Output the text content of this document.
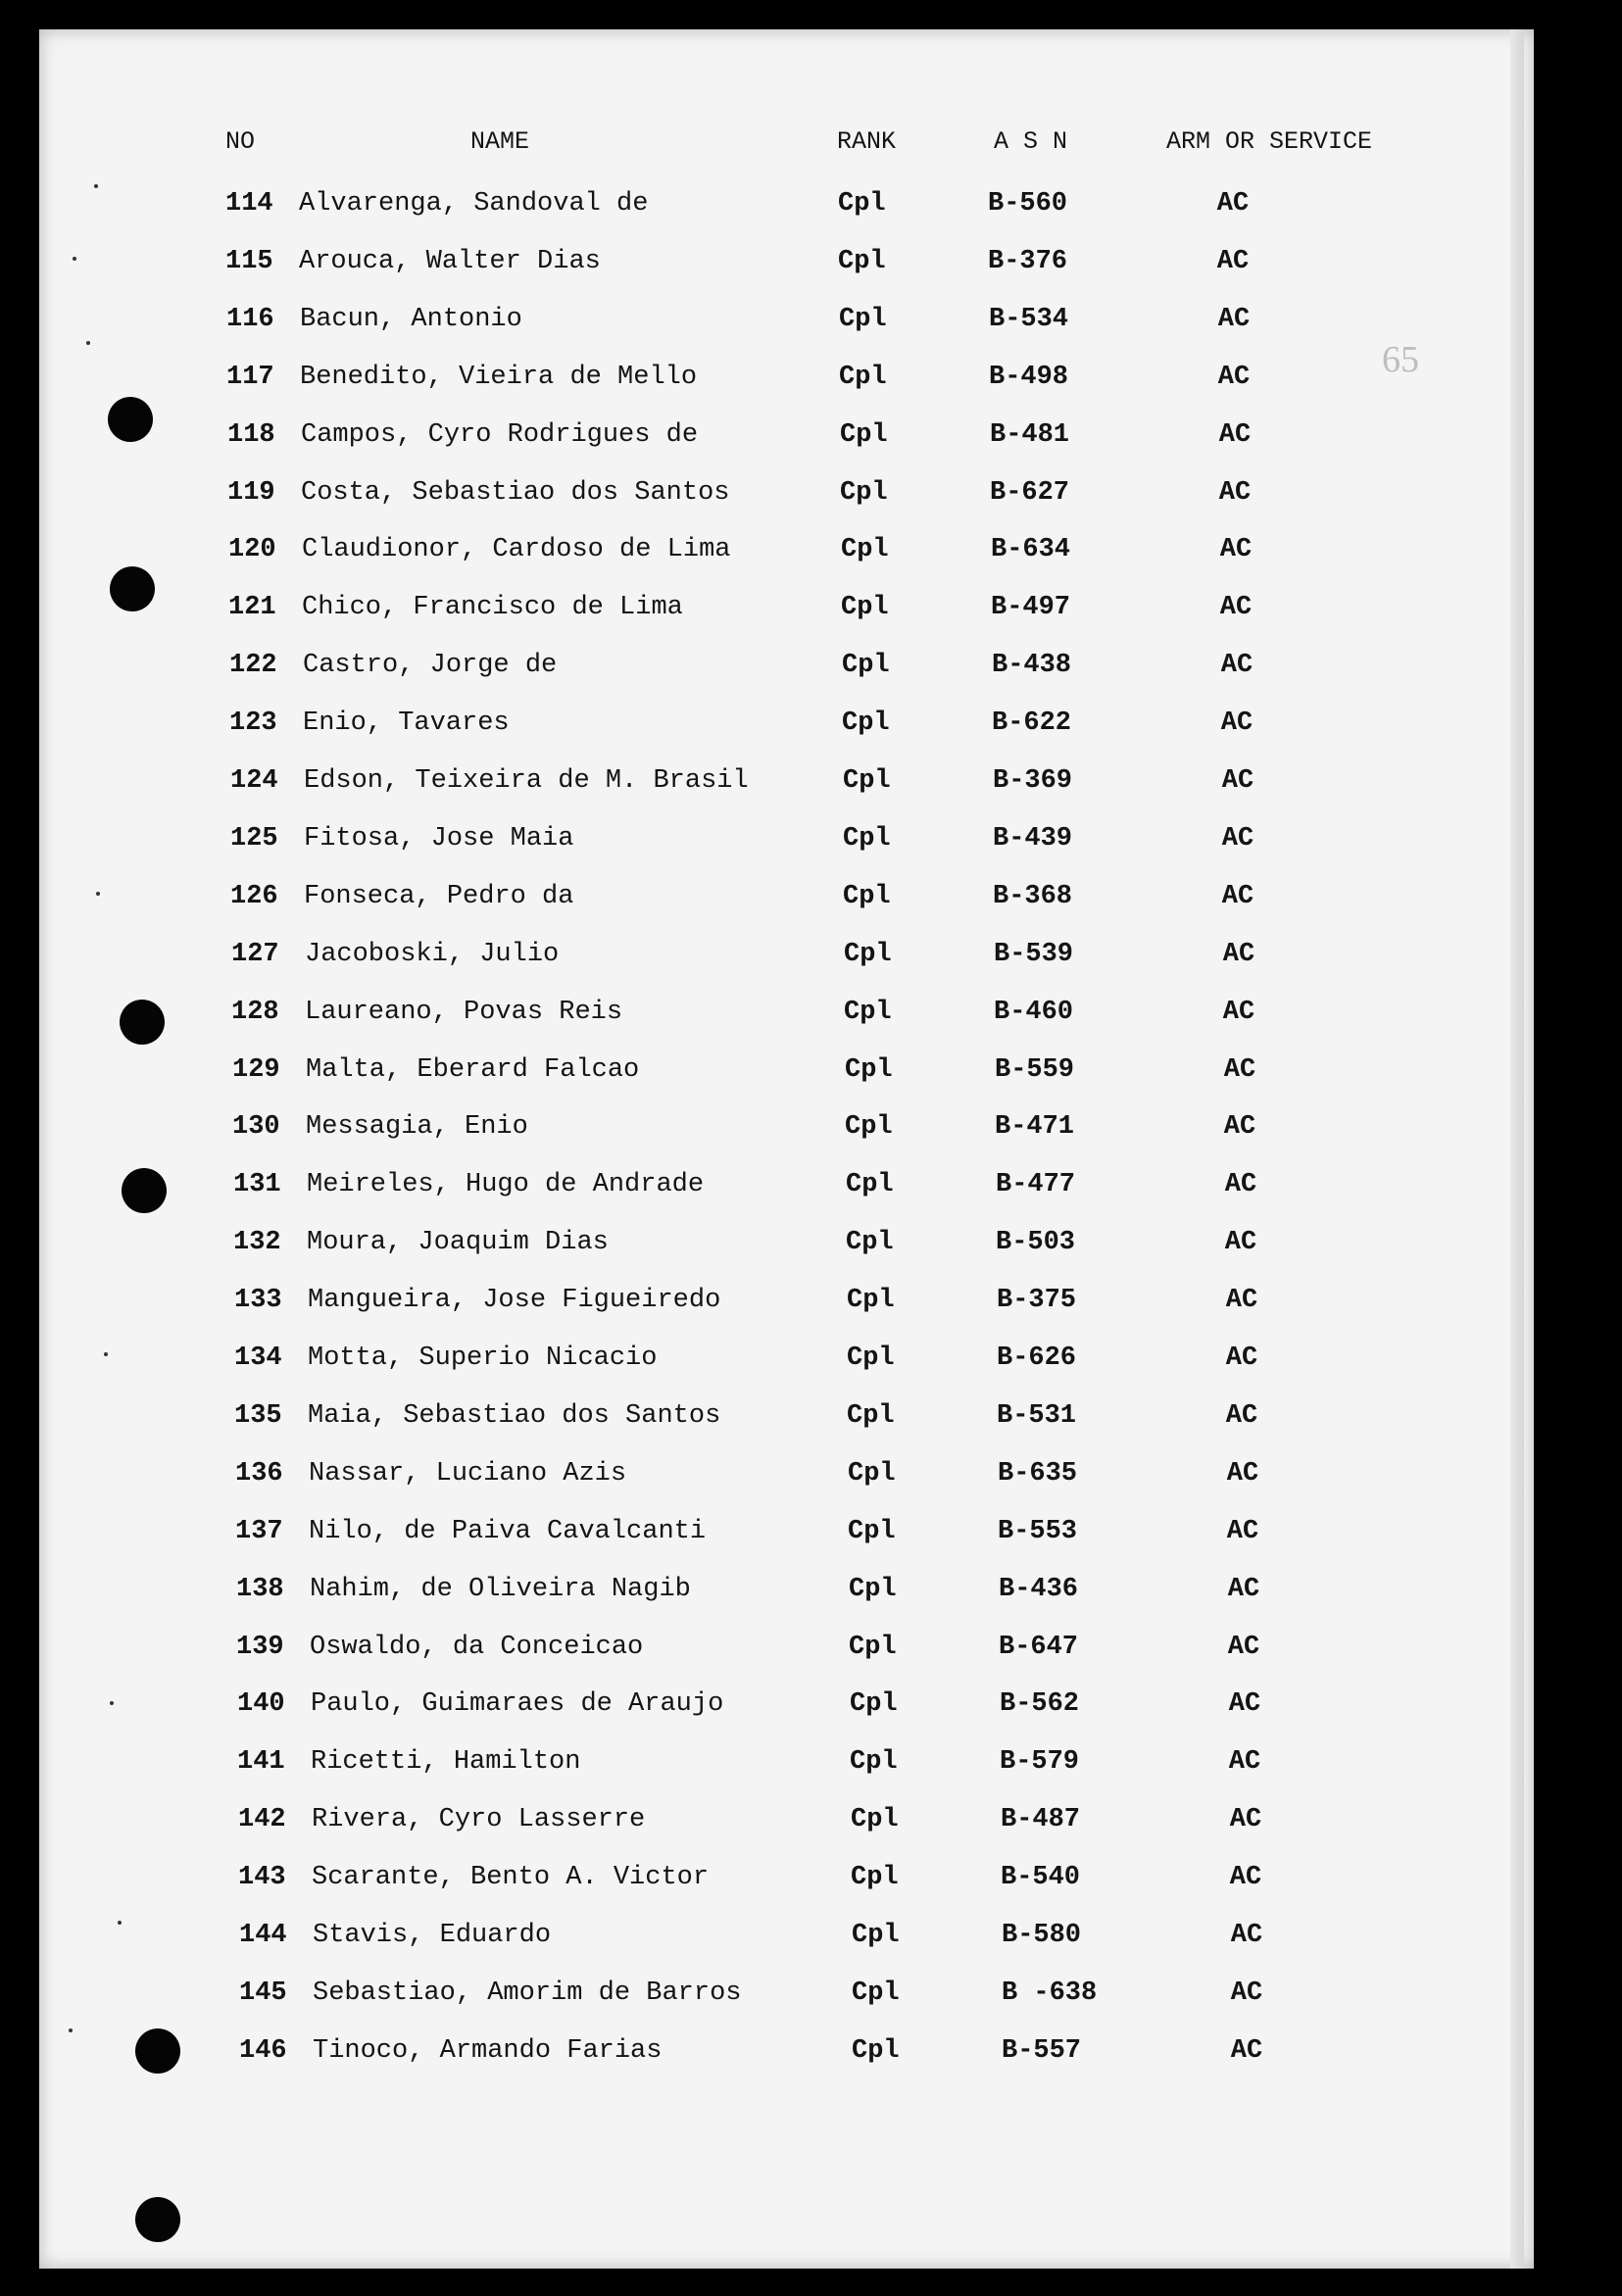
65
NO	NAME	RANK	A S N	ARM OR SERVICE
114 Alvarenga, Sandoval de	Cpl	B-560	AC
115 Arouca, Walter Dias	Cpl	B-376	AC
116 Bacun, Antonio	Cpl	B-534	AC
117 Benedito, Vieira de Mello	Cpl	B-498	AC
118 Campos, Cyro Rodrigues de	Cpl	B-481	AC
119 Costa, Sebastiao dos Santos	Cpl	B-627	AC
120 Claudionor, Cardoso de Lima	Cpl	B-634	AC
121 Chico, Francisco de Lima	Cpl	B-497	AC
122 Castro, Jorge de	Cpl	B-438	AC
123 Enio, Tavares	Cpl	B-622	AC
124 Edson, Teixeira de M. Brasil	Cpl	B-369	AC
125 Fitosa, Jose Maia	Cpl	B-439	AC
126 Fonseca, Pedro da	Cpl	B-368	AC
127 Jacoboski, Julio	Cpl	B-539	AC
128 Laureano, Povas Reis	Cpl	B-460	AC
129 Malta, Eberard Falcao	Cpl	B-559	AC
130 Messagia, Enio	Cpl	B-471	AC
131 Meireles, Hugo de Andrade	Cpl	B-477	AC
132 Moura, Joaquim Dias	Cpl	B-503	AC
133 Mangueira, Jose Figueiredo	Cpl	B-375	AC
134 Motta, Superio Nicacio	Cpl	B-626	AC
135 Maia, Sebastiao dos Santos	Cpl	B-531	AC
136 Nassar, Luciano Azis	Cpl	B-635	AC
137 Nilo, de Paiva Cavalcanti	Cpl	B-553	AC
138 Nahim, de Oliveira Nagib	Cpl	B-436	AC
139 Oswaldo, da Conceicao	Cpl	B-647	AC
140 Paulo, Guimaraes de Araujo	Cpl	B-562	AC
141 Ricetti, Hamilton	Cpl	B-579	AC
142 Rivera, Cyro Lasserre	Cpl	B-487	AC
143 Scarante, Bento A. Victor	Cpl	B-540	AC
144 Stavis, Eduardo	Cpl	B-580	AC
145 Sebastiao, Amorim de Barros	Cpl	B -638	AC
146 Tinoco, Armando Farias	Cpl	B-557	AC
